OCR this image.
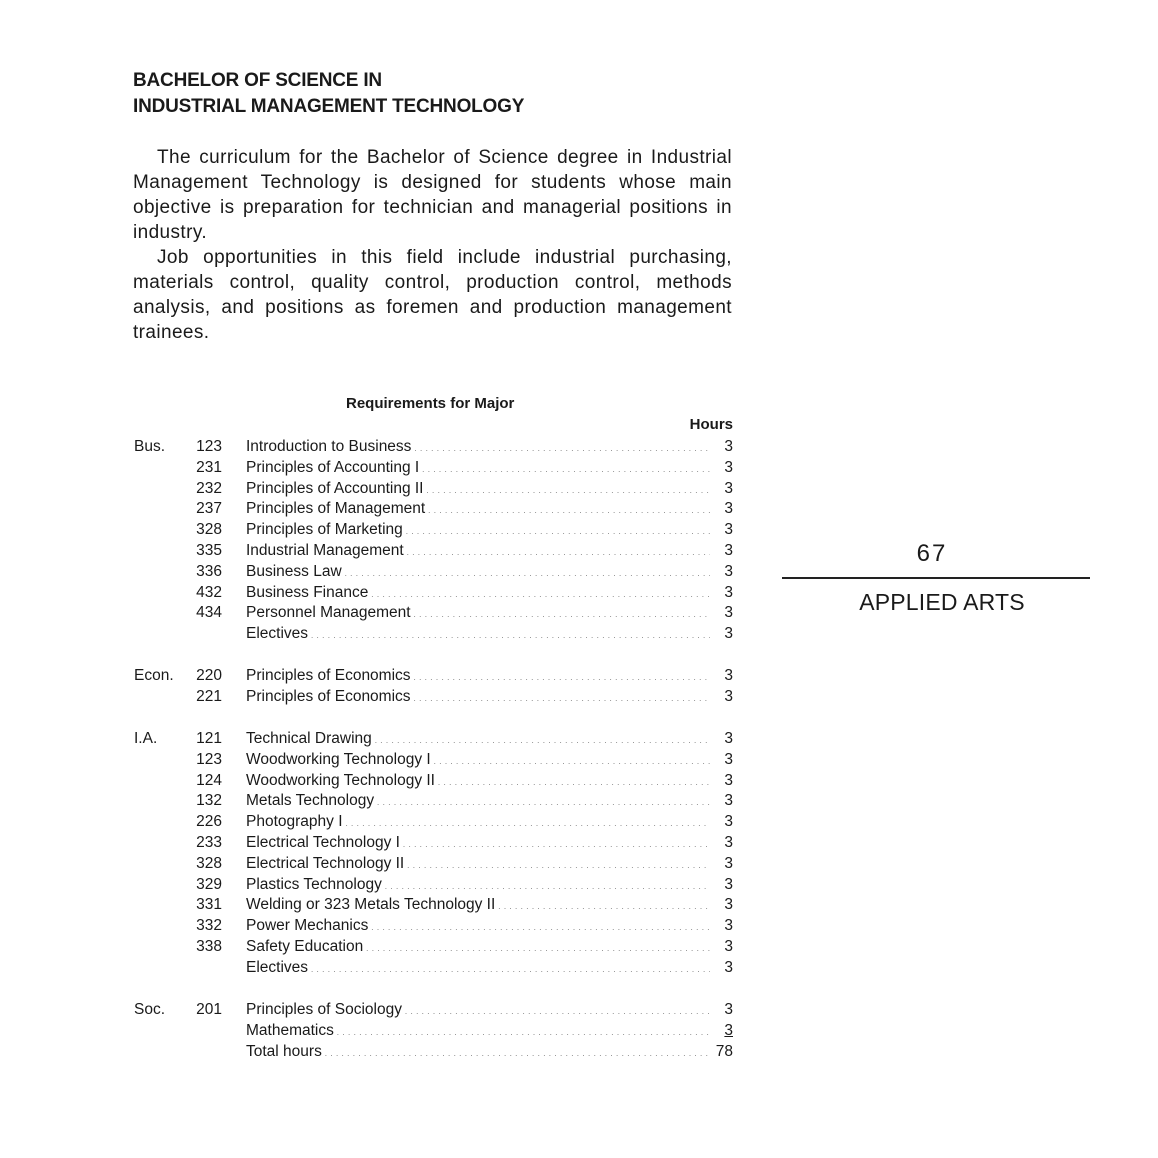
BACHELOR OF SCIENCE IN
INDUSTRIAL MANAGEMENT TECHNOLOGY

The curriculum for the Bachelor of Science degree in Industrial Management Technology is designed for students whose main objective is preparation for technician and managerial positions in industry.

Job opportunities in this field include industrial purchasing, materials control, quality control, production control, methods analysis, and positions as foremen and production management trainees.

Requirements for Major
Hours
Bus.	123 Introduction to Business . . .	3
231 Principles of Accounting I . . .	3
232 Principles of Accounting II . . .	3
237 Principles of Management . . .	3
328 Principles of Marketing . . .	3
335 Industrial Management . . .	3
336 Business Law . . .	3
432 Business Finance . . .	3
434 Personnel Management . . .	3
Electives . . .	3
Econ.	220 Principles of Economics . . .	3
221 Principles of Economics . . .	3
I.A.	121 Technical Drawing . . .	3
123 Woodworking Technology I . . .	3
124 Woodworking Technology II . . .	3
132 Metals Technology . . .	3
226 Photography I . . .	3
233 Electrical Technology I . . .	3
328 Electrical Technology II . . .	3
329 Plastics Technology . . .	3
331 Welding or 323 Metals Technology II . . .	3
332 Power Mechanics . . .	3
338 Safety Education . . .	3
Electives . . .	3
Soc.	201 Principles of Sociology . . .	3
Mathematics . . .	3
Total hours . . .	78
67
APPLIED ARTS
